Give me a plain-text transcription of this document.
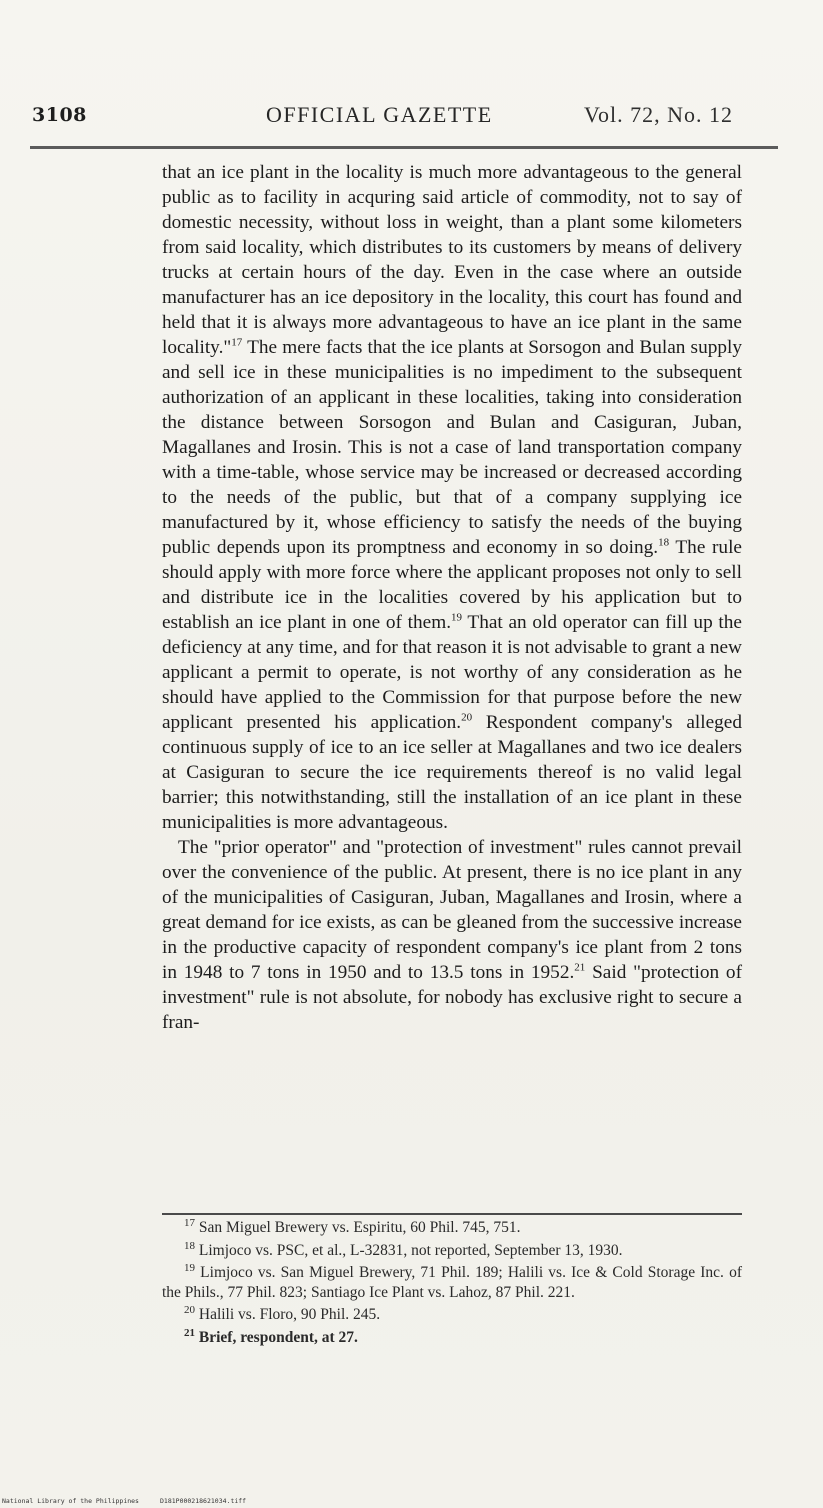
3108	OFFICIAL GAZETTE	Vol. 72, No. 12

that an ice plant in the locality is much more advantageous to the general public as to facility in acquring said article of commodity, not to say of domestic necessity, without loss in weight, than a plant some kilometers from said locality, which distributes to its customers by means of delivery trucks at certain hours of the day. Even in the case where an outside manufacturer has an ice depository in the locality, this court has found and held that it is always more advantageous to have an ice plant in the same locality."$^{17}$ The mere facts that the ice plants at Sorsogon and Bulan supply and sell ice in these municipalities is no impediment to the subsequent authorization of an applicant in these localities, taking into consideration the distance between Sorsogon and Bulan and Casiguran, Juban, Magallanes and Irosin. This is not a case of land transportation company with a time-table, whose service may be increased or decreased according to the needs of the public, but that of a company supplying ice manufactured by it, whose efficiency to satisfy the needs of the buying public depends upon its promptness and economy in so doing.$^{18}$ The rule should apply with more force where the applicant proposes not only to sell and distribute ice in the localities covered by his application but to establish an ice plant in one of them.$^{19}$ That an old operator can fill up the deficiency at any time, and for that reason it is not advisable to grant a new applicant a permit to operate, is not worthy of any consideration as he should have applied to the Commission for that purpose before the new applicant presented his application.$^{20}$ Respondent company's alleged continuous supply of ice to an ice seller at Magallanes and two ice dealers at Casiguran to secure the ice requirements thereof is no valid legal barrier; this notwithstanding, still the installation of an ice plant in these municipalities is more advantageous.

The "prior operator" and "protection of investment" rules cannot prevail over the convenience of the public. At present, there is no ice plant in any of the municipalities of Casiguran, Juban, Magallanes and Irosin, where a great demand for ice exists, as can be gleaned from the successive increase in the productive capacity of respondent company's ice plant from 2 tons in 1948 to 7 tons in 1950 and to 13.5 tons in 1952.21 Said "protection of investment" rule is not absolute, for nobody has exclusive right to secure a fran-

$^{17}$ San Miguel Brewery vs. Espiritu, 60 Phil. 745, 751.

$^{18}$ Limjoco vs. PSC, et al., L-32831, not reported, September 13, 1930.

$^{19}$ Limjoco vs. San Miguel Brewery, 71 Phil. 189; Halili vs. Ice & Cold Storage Inc. of the Phils., 77 Phil. 823; Santiago Ice Plant vs. Lahoz, 87 Phil. 221.

$^{20}$ Halili vs. Floro, 90 Phil. 245.

$^{21}$ Brief, respondent, at 27.

National Library of the Philippines	D181P000218621034.tiff
